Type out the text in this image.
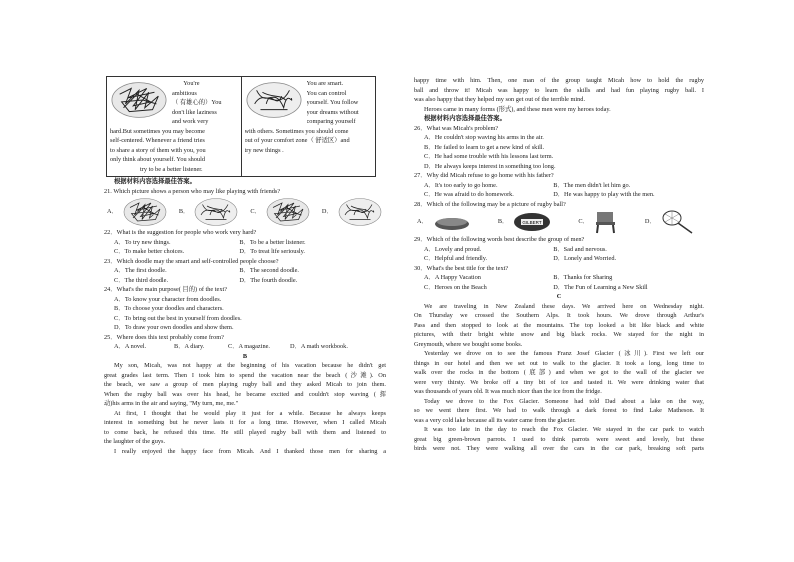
You're
ambitious
（ 有雄心的）You
don't like laziness
and work very
hard.But sometimes you may become
self-centered. Whenever a friend tries
to share a story of them with you, you
only think about yourself. You should
try to be a better listener.

You are smart.
You can control
yourself. You follow
your dreams without
comparing yourself
with others. Sometimes you should come
out of your comfort zone（ 舒适区）and
try new things .
根据材料内容选择最佳答案。
21. Which picture shows a person who may like playing with friends?
A．	B．	C．	D．
22．What is the suggestion for people who work very hard?
A．To try new things.	B．To be a better listener.
C．To make better choices.	D．To treat life seriously.
23．Which doodle may the smart and self-controlled people choose?
A．The first doodle.	B．The second doodle.
C．The third doodle.	D．The fourth doodle.
24．What's the main purpose( 目的) of the text?
A．To know your character from doodles.
B．To choose your doodles and characters.
C．To bring out the best in yourself from doodles.
D．To draw your own doodles and show them.
25．Where does this text probably come from?
A．A novel.	B．A diary.	C．A magazine.	D．A math workbook.
B
My son, Micah, was not happy at the beginning of his vacation because he didn't get
great grades last term. Then I took him to spend the vacation near the beach (沙滩). On
the beach, we saw a group of men playing rugby ball and they asked Micah to join them.
When the rugby ball was over his head, he became excited and couldn't stop waving (挥
动)his arms in the air and saying, "My turn, me, me."
At first, I thought that he would play it just for a while. Because he always keeps
interest in something but he never lasts it for a long time. However, when I called Micah
to come back, he refused this time. He still played rugby ball with them and listened to
the laughter of the guys.
I really enjoyed the happy face from Micah. And I thanked those men for sharing a
happy time with him. Then, one man of the group taught Micah how to hold the rugby
ball and throw it! Micah was happy to learn the skills and had fun playing rugby ball. I
was also happy that they helped my son get out of the terrible mind.
Heroes came in many forms (形式), and these men were my heroes today.
根据材料内容选择最佳答案。
26．What was Micah's problem?
A．He couldn't stop waving his arms in the air.
B．He failed to learn to get a new kind of skill.
C．He had some trouble with his lessons last term.
D．He always keeps interest in something too long.
27．Why did Micah refuse to go home with his father?
A．It's too early to go home.	B．The men didn't let him go.
C．He was afraid to do homework.	D．He was happy to play with the men.
28．Which of the following may be a picture of rugby ball?
A．	B．	GILBERT	C．	D．
29．Which of the following words best describe the group of men?
A．Lovely and proud.	B．Sad and nervous.
C．Helpful and friendly.	D．Lonely and Worried.
30．What's the best title for the text?
A．A Happy Vacation	B．Thanks for Sharing
C．Heroes on the Beach	D．The Fun of Learning a New Skill
C
We are traveling in New Zealand these days. We arrived here on Wednesday night.
On Thursday we crossed the Southern Alps. It took hours. We drove through Arthur's
Pass and then stopped to look at the mountains. The top looked a bit like black and white
pictures, with their bright white snow and big black rocks. We stayed for the night in
Greymouth, where we bought some books.
Yesterday we drove on to see the famous Franz Josef Glacier (冰川). First we left our
things in our hotel and then we set out to walk to the glacier. It took a long, long time to
walk over the rocks in the bottom (底部) and when we got to the wall of the glacier we
were very thirsty. We broke off a tiny bit of ice and tasted it. We were drinking water that
was thousands of years old. It was much nicer than the ice from the fridge.
Today we drove to the Fox Glacier. Someone had told Dad about a lake on the way,
so we went there first. We had to walk through a dark forest to find Lake Matheson. It
was a very cold lake because all its water came from the glacier.
It was too late in the day to reach the Fox Glacier. We stayed in the car park to watch
great big green-brown parrots. I used to think parrots were sweet and lovely, but these
birds were not. They were walking all over the cars in the car park, breaking soft parts
